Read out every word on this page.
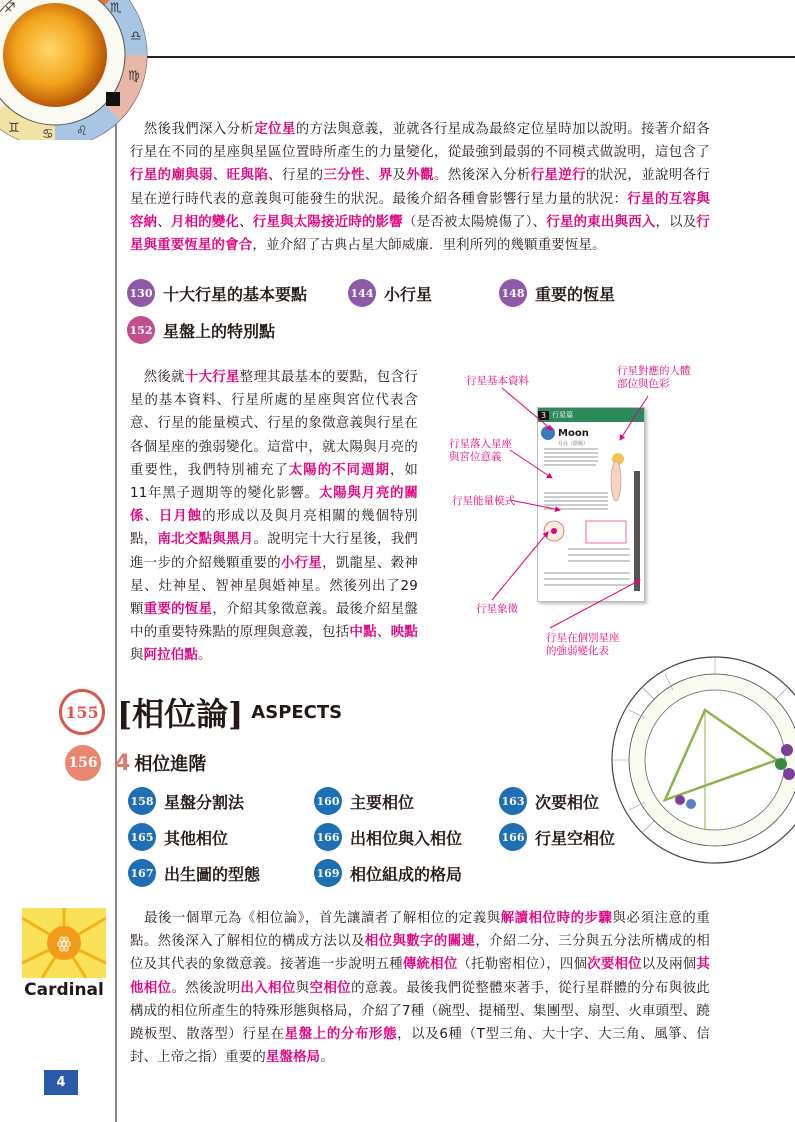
♊ ♋ ♌
♍
♎
♏
♐
　然後我們深入分析定位星的方法與意義，並就各行星成為最終定位星時加以說明。接著介紹各行星在不同的星座與星區位置時所產生的力量變化，從最強到最弱的不同模式做說明，這包含了行星的廟與弱、旺與陷、行星的三分性、界及外觀。然後深入分析行星逆行的狀況，並說明各行星在逆行時代表的意義與可能發生的狀況。最後介紹各種會影響行星力量的狀況：行星的互容與容納、月相的變化、行星與太陽接近時的影響（是否被太陽燒傷了）、行星的東出與西入，以及行星與重要恆星的會合，並介紹了古典占星大師威廉．里利所列的幾顆重要恆星。
130 十大行星的基本要點	144 小行星	148 重要的恆星
152 星盤上的特別點
　然後就十大行星整理其最基本的要點，包含行星的基本資料、行星所處的星座與宮位代表含意、行星的能量模式、行星的象徵意義與行星在各個星座的強弱變化。這當中，就太陽與月亮的重要性，我們特別補充了太陽的不同週期，如11年黑子週期等的變化影響。太陽與月亮的關係、日月蝕的形成以及與月亮相關的幾個特別點，南北交點與黑月。說明完十大行星後，我們進一步的介紹幾顆重要的小行星，凱龍星、穀神星、灶神星、智神星與婚神星。然後列出了29顆重要的恆星，介紹其象徵意義。最後介紹星盤中的重要特殊點的原理與意義，包括中點、映點與阿拉伯點。
3 行星篇
Moon
月亮（陰陽）
行星基本資料
行星對應的人體
部位與色彩
行星落入星座
與宮位意義
行星能量模式
行星象徵
行星在個別星座
的強弱變化表
155 [相位論] ASPECTS
156 4 相位進階
158 星盤分割法	160 主要相位	163 次要相位
165 其他相位	166 出相位與入相位	166 行星空相位
167 出生圖的型態	169 相位組成的格局
ꙮ
Cardinal
　最後一個單元為《相位論》，首先讓讀者了解相位的定義與解讀相位時的步驟與必須注意的重點。然後深入了解相位的構成方法以及相位與數字的關連，介紹二分、三分與五分法所構成的相位及其代表的象徵意義。接著進一步說明五種傳統相位（托勒密相位），四個次要相位以及兩個其他相位。然後說明出入相位與空相位的意義。最後我們從整體來著手，從行星群體的分布與彼此構成的相位所產生的特殊形態與格局，介紹了7種（碗型、提桶型、集團型、扇型、火車頭型、蹺蹺板型、散落型）行星在星盤上的分布形態，以及6種（T型三角、大十字、大三角、風箏、信封、上帝之指）重要的星盤格局。
4
